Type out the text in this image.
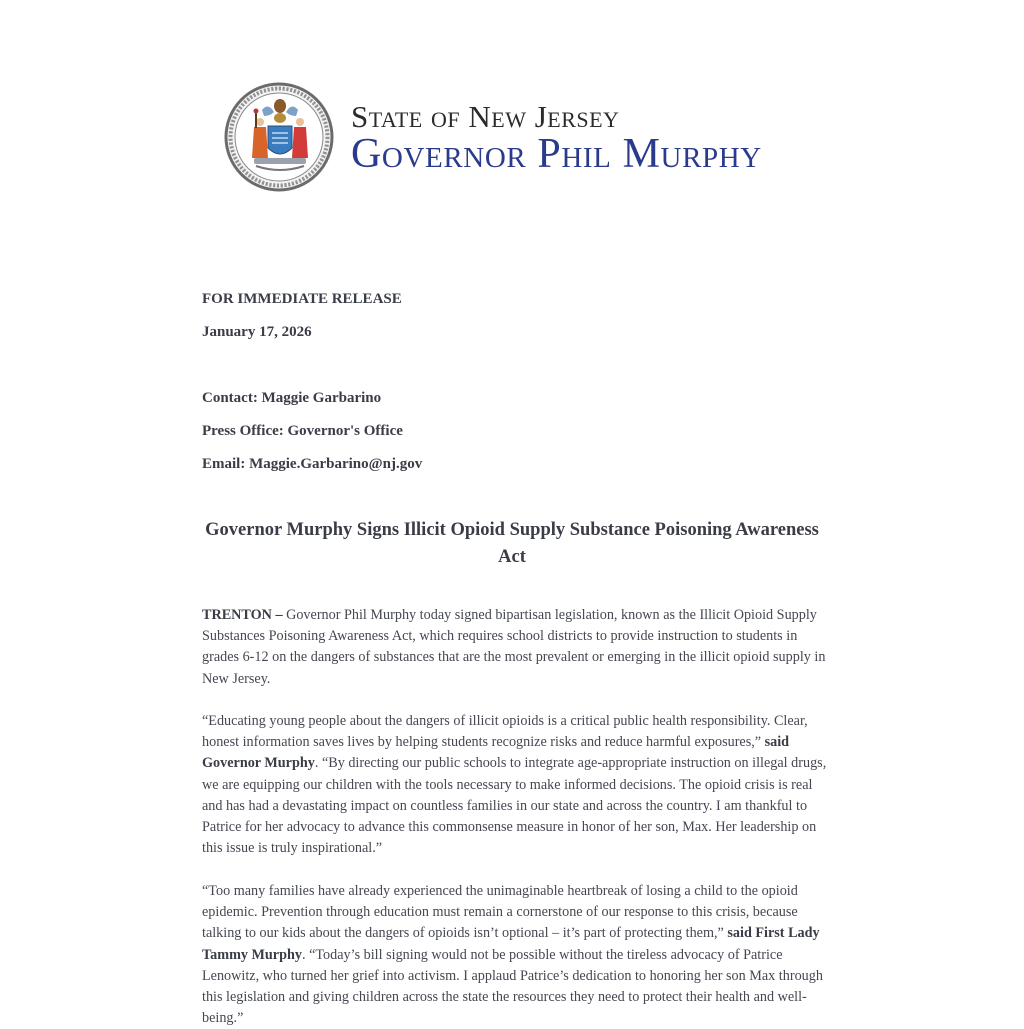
State of New Jersey
Governor Phil Murphy
FOR IMMEDIATE RELEASE
January 17, 2026
Contact: Maggie Garbarino
Press Office: Governor's Office
Email: Maggie.Garbarino@nj.gov
Governor Murphy Signs Illicit Opioid Supply Substance Poisoning Awareness Act
TRENTON – Governor Phil Murphy today signed bipartisan legislation, known as the Illicit Opioid Supply Substances Poisoning Awareness Act, which requires school districts to provide instruction to students in grades 6-12 on the dangers of substances that are the most prevalent or emerging in the illicit opioid supply in New Jersey.
“Educating young people about the dangers of illicit opioids is a critical public health responsibility. Clear, honest information saves lives by helping students recognize risks and reduce harmful exposures,” said Governor Murphy. “By directing our public schools to integrate age-appropriate instruction on illegal drugs, we are equipping our children with the tools necessary to make informed decisions. The opioid crisis is real and has had a devastating impact on countless families in our state and across the country. I am thankful to Patrice for her advocacy to advance this commonsense measure in honor of her son, Max. Her leadership on this issue is truly inspirational.”
“Too many families have already experienced the unimaginable heartbreak of losing a child to the opioid epidemic. Prevention through education must remain a cornerstone of our response to this crisis, because talking to our kids about the dangers of opioids isn’t optional – it’s part of protecting them,” said First Lady Tammy Murphy. “Today’s bill signing would not be possible without the tireless advocacy of Patrice Lenowitz, who turned her grief into activism. I applaud Patrice’s dedication to honoring her son Max through this legislation and giving children across the state the resources they need to protect their health and well-being.”
